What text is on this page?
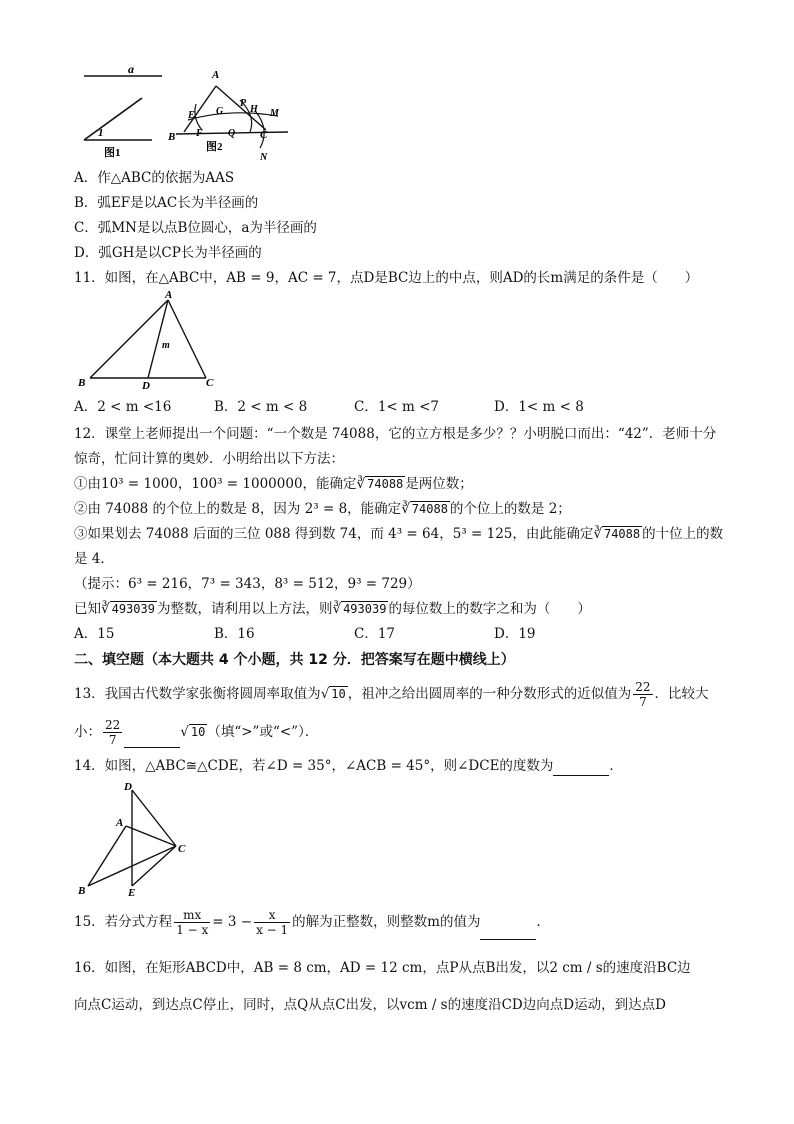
a
1
图1
A
B	C
E
F
G
P
H M
Q
N
图2
A．作△ABC的依据为AAS
B．弧EF是以AC长为半径画的
C．弧MN是以点B位圆心，a为半径画的
D．弧GH是以CP长为半径画的
11．如图，在△ABC中，AB = 9，AC = 7，点D是BC边上的中点，则AD的长m满足的条件是（　　）
A
B	C
D
m
A．2 < m <16	B．2 < m < 8	C．1< m <7	D．1< m < 8
12．课堂上老师提出一个问题：“一个数是 74088，它的立方根是多少？？小明脱口而出：“42”．老师十分
惊奇，忙问计算的奥妙．小明给出以下方法：
①由10³ = 1000，100³ = 1000000，能确定∛ 74088 是两位数；
②由 74088 的个位上的数是 8，因为 2³ = 8，能确定∛ 74088 的个位上的数是 2；
③如果划去 74088 后面的三位 088 得到数 74，而 4³ = 64，5³ = 125，由此能确定∛ 74088 的十位上的数
是 4．
（提示：6³ = 216，7³ = 343，8³ = 512，9³ = 729）
已知∛ 493039 为整数，请利用以上方法，则∛ 493039 的每位数上的数字之和为（　　）
A．15	B．16	C．17	D．19
二、填空题（本大题共 4 个小题，共 12 分．把答案写在题中横线上）
13．我国古代数学家张衡将圆周率取值为√ 10 ，祖冲之给出圆周率的一种分数形式的近似值为 $\frac{22}{7}$ ．比较大
小： $\frac{22}{7}$	√ 10 （填“>”或“<”）．
14．如图，△ABC≅△CDE，若∠D = 35°，∠ACB = 45°，则∠DCE的度数为	．
D
A
C
B	E
15．若分式方程 $\frac{mx}{1 - x} = 3 - \frac{x}{x - 1}$ 的解为正整数，则整数m的值为	．
16．如图，在矩形ABCD中，AB = 8 cm，AD = 12 cm，点P从点B出发，以2 cm / s的速度沿BC边
向点C运动，到达点C停止，同时，点Q从点C出发，以vcm / s的速度沿CD边向点D运动，到达点D
